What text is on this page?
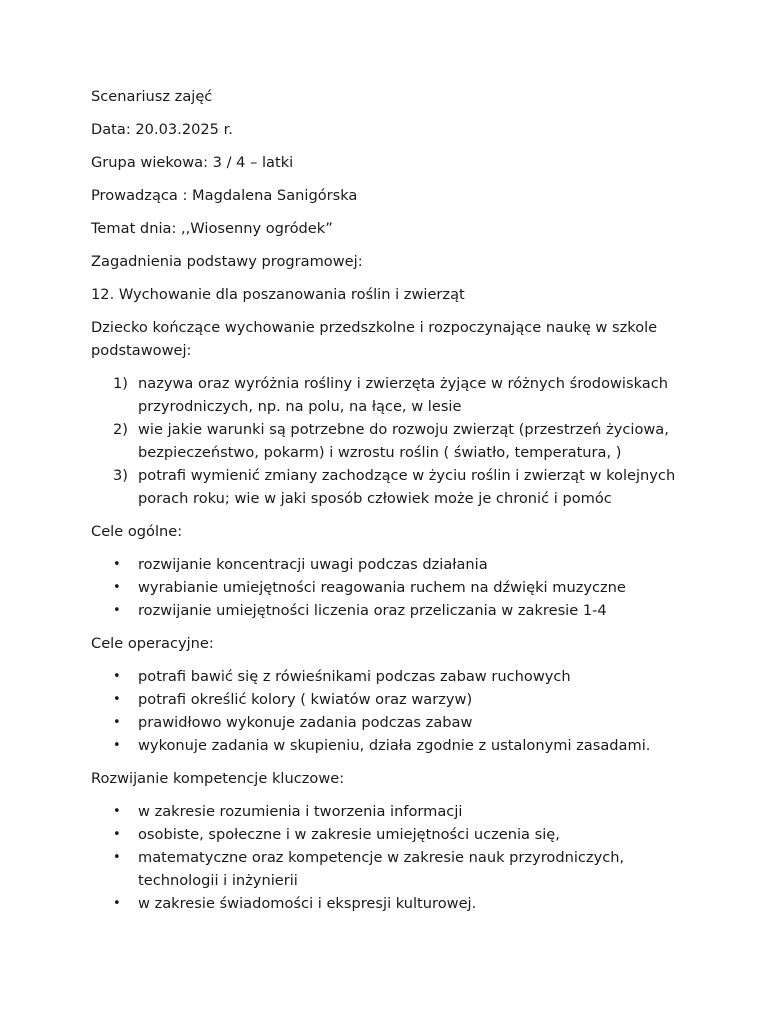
Scenariusz zajęć

Data: 20.03.2025 r.

Grupa wiekowa: 3 / 4 – latki

Prowadząca : Magdalena Sanigórska

Temat dnia: ,,Wiosenny ogródek”

Zagadnienia podstawy programowej:

12. Wychowanie dla poszanowania roślin i zwierząt

Dziecko kończące wychowanie przedszkolne i rozpoczynające naukę w szkole podstawowej:

1) nazywa oraz wyróżnia rośliny i zwierzęta żyjące w różnych środowiskach przyrodniczych, np. na polu, na łące, w lesie
2) wie jakie warunki są potrzebne do rozwoju zwierząt (przestrzeń życiowa, bezpieczeństwo, pokarm) i wzrostu roślin ( światło, temperatura, )
3) potrafi wymienić zmiany zachodzące w życiu roślin i zwierząt w kolejnych porach roku; wie w jaki sposób człowiek może je chronić i pomóc

Cele ogólne:

• rozwijanie koncentracji uwagi podczas działania
• wyrabianie umiejętności reagowania ruchem na dźwięki muzyczne
• rozwijanie umiejętności liczenia oraz przeliczania w zakresie 1-4

Cele operacyjne:

• potrafi bawić się z rówieśnikami podczas zabaw ruchowych
• potrafi określić kolory ( kwiatów oraz warzyw)
• prawidłowo wykonuje zadania podczas zabaw
• wykonuje zadania w skupieniu, działa zgodnie z ustalonymi zasadami.

Rozwijanie kompetencje kluczowe:

• w zakresie rozumienia i tworzenia informacji
• osobiste, społeczne i w zakresie umiejętności uczenia się,
• matematyczne oraz kompetencje w zakresie nauk przyrodniczych, technologii i inżynierii
• w zakresie świadomości i ekspresji kulturowej.
